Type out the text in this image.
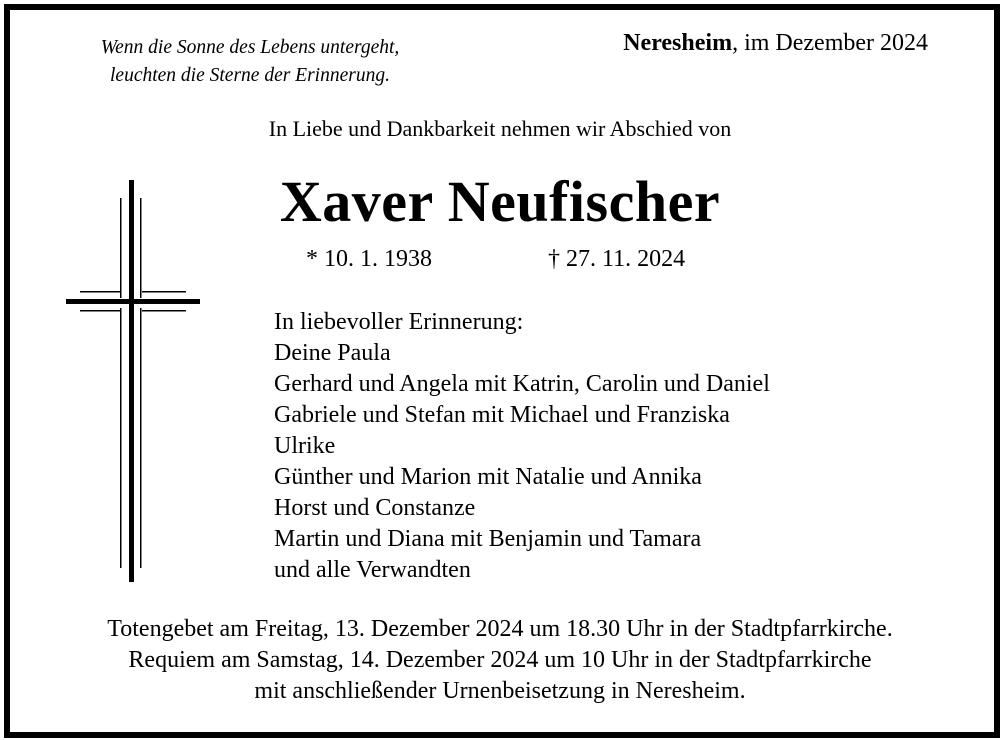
Wenn die Sonne des Lebens untergeht,
leuchten die Sterne der Erinnerung.
Neresheim, im Dezember 2024
In Liebe und Dankbarkeit nehmen wir Abschied von
Xaver Neufischer
* 10. 1. 1938	† 27. 11. 2024
In liebevoller Erinnerung:
Deine Paula
Gerhard und Angela mit Katrin, Carolin und Daniel
Gabriele und Stefan mit Michael und Franziska
Ulrike
Günther und Marion mit Natalie und Annika
Horst und Constanze
Martin und Diana mit Benjamin und Tamara
und alle Verwandten
Totengebet am Freitag, 13. Dezember 2024 um 18.30 Uhr in der Stadtpfarrkirche.
Requiem am Samstag, 14. Dezember 2024 um 10 Uhr in der Stadtpfarrkirche
mit anschließender Urnenbeisetzung in Neresheim.
